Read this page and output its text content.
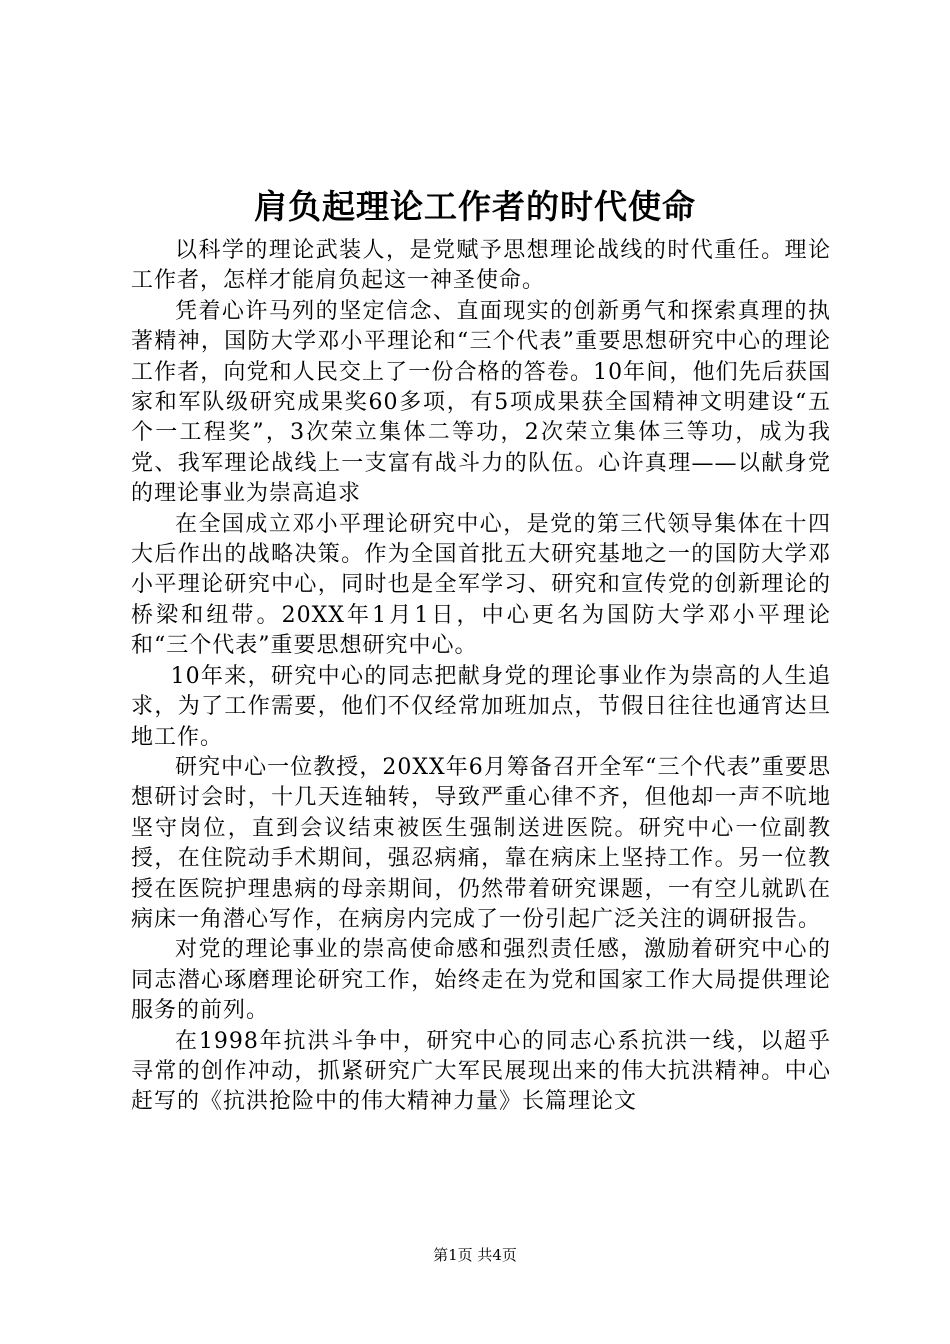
肩负起理论工作者的时代使命

以科学的理论武装人，是党赋予思想理论战线的时代重任。理论工作者，怎样才能肩负起这一神圣使命。

凭着心许马列的坚定信念、直面现实的创新勇气和探索真理的执著精神，国防大学邓小平理论和“三个代表”重要思想研究中心的理论工作者，向党和人民交上了一份合格的答卷。10年间，他们先后获国家和军队级研究成果奖60多项，有5项成果获全国精神文明建设“五个一工程奖”，3次荣立集体二等功，2次荣立集体三等功，成为我党、我军理论战线上一支富有战斗力的队伍。心许真理——以献身党的理论事业为崇高追求

在全国成立邓小平理论研究中心，是党的第三代领导集体在十四大后作出的战略决策。作为全国首批五大研究基地之一的国防大学邓小平理论研究中心，同时也是全军学习、研究和宣传党的创新理论的桥梁和纽带。20XX年1月1日，中心更名为国防大学邓小平理论和“三个代表”重要思想研究中心。

10年来，研究中心的同志把献身党的理论事业作为崇高的人生追求，为了工作需要，他们不仅经常加班加点，节假日往往也通宵达旦地工作。

研究中心一位教授，20XX年6月筹备召开全军“三个代表”重要思想研讨会时，十几天连轴转，导致严重心律不齐，但他却一声不吭地坚守岗位，直到会议结束被医生强制送进医院。研究中心一位副教授，在住院动手术期间，强忍病痛，靠在病床上坚持工作。另一位教授在医院护理患病的母亲期间，仍然带着研究课题，一有空儿就趴在病床一角潜心写作，在病房内完成了一份引起广泛关注的调研报告。

对党的理论事业的崇高使命感和强烈责任感，激励着研究中心的同志潜心琢磨理论研究工作，始终走在为党和国家工作大局提供理论服务的前列。

在1998年抗洪斗争中，研究中心的同志心系抗洪一线，以超乎寻常的创作冲动，抓紧研究广大军民展现出来的伟大抗洪精神。中心赶写的《抗洪抢险中的伟大精神力量》长篇理论文

第1页 共4页
